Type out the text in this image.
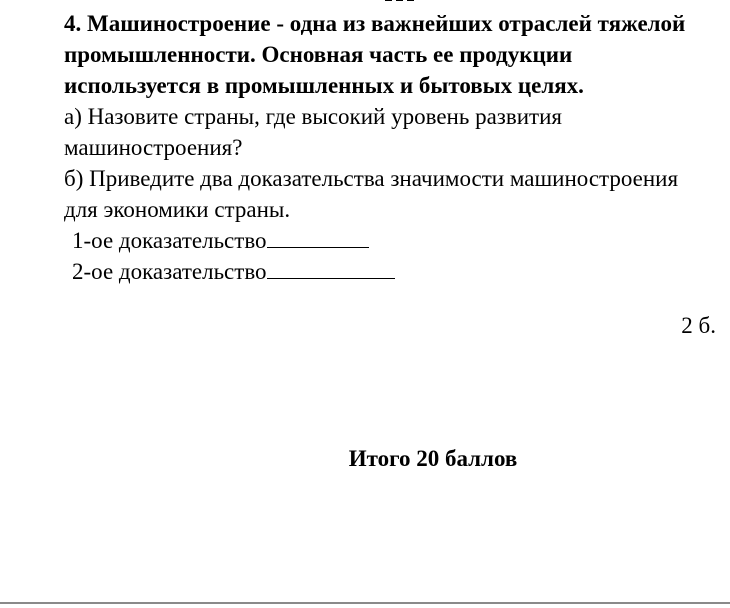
4. Машиностроение - одна из важнейших отраслей тяжелой промышленности. Основная часть ее продукции используется в промышленных и бытовых целях.

а) Назовите страны, где высокий уровень развития машиностроения?

б) Приведите два доказательства значимости машиностроения для экономики страны.

1-ое доказательство

2-ое доказательство

2 б.
Итого 20 баллов
